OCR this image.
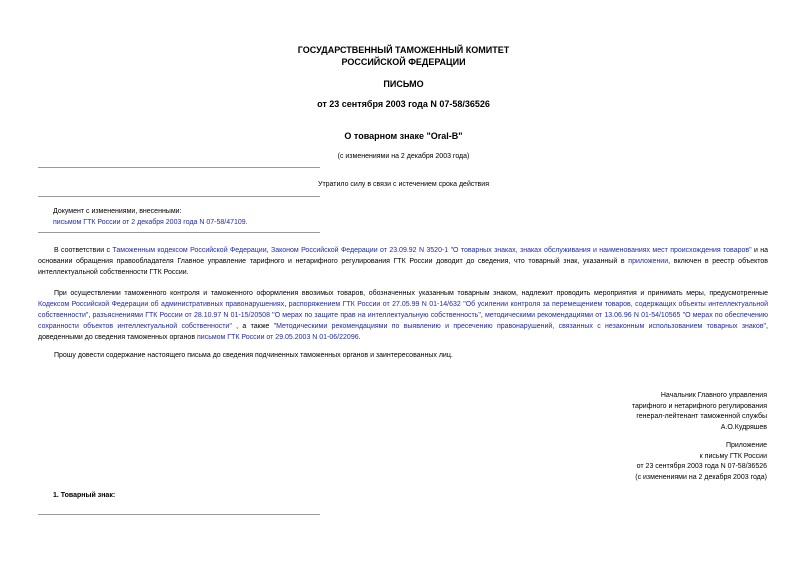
ГОСУДАРСТВЕННЫЙ ТАМОЖЕННЫЙ КОМИТЕТ
РОССИЙСКОЙ ФЕДЕРАЦИИ
ПИСЬМО
от 23 сентября 2003 года N 07-58/36526
О товарном знаке "Oral-B"
(с изменениями на 2 декабря 2003 года)
Утратило силу в связи с истечением срока действия
Документ с изменениями, внесенными:
письмом ГТК России от 2 декабря 2003 года N 07-58/47109.
В соответствии с Таможенным кодексом Российской Федерации, Законом Российской Федерации от 23.09.92 N 3520-1 "О товарных знаках, знаках обслуживания и наименованиях мест происхождения товаров" и на основании обращения правообладателя Главное управление тарифного и нетарифного регулирования ГТК России доводит до сведения, что товарный знак, указанный в приложении, включен в реестр объектов интеллектуальной собственности ГТК России.
При осуществлении таможенного контроля и таможенного оформления ввозимых товаров, обозначенных указанным товарным знаком, надлежит проводить мероприятия и принимать меры, предусмотренные Кодексом Российской Федерации об административных правонарушениях, распоряжением ГТК России от 27.05.99 N 01-14/632 "Об усилении контроля за перемещением товаров, содержащих объекты интеллектуальной собственности", разъяснениями ГТК России от 28.10.97 N 01-15/20508 "О мерах по защите прав на интеллектуальную собственность", методическими рекомендациями от 13.06.96 N 01-54/10565 "О мерах по обеспечению сохранности объектов интеллектуальной собственности" , а также "Методическими рекомендациями по выявлению и пресечению правонарушений, связанных с незаконным использованием товарных знаков", доведенными до сведения таможенных органов письмом ГТК России от 29.05.2003 N 01-06/22096.
Прошу довести содержание настоящего письма до сведения подчиненных таможенных органов и заинтересованных лиц.
Начальник Главного управления
тарифного и нетарифного регулирования
генерал-лейтенант таможенной службы
А.О.Кудряшев
Приложение
к письму ГТК России
от 23 сентября 2003 года N 07-58/36526
(с изменениями на 2 декабря 2003 года)
1. Товарный знак:
